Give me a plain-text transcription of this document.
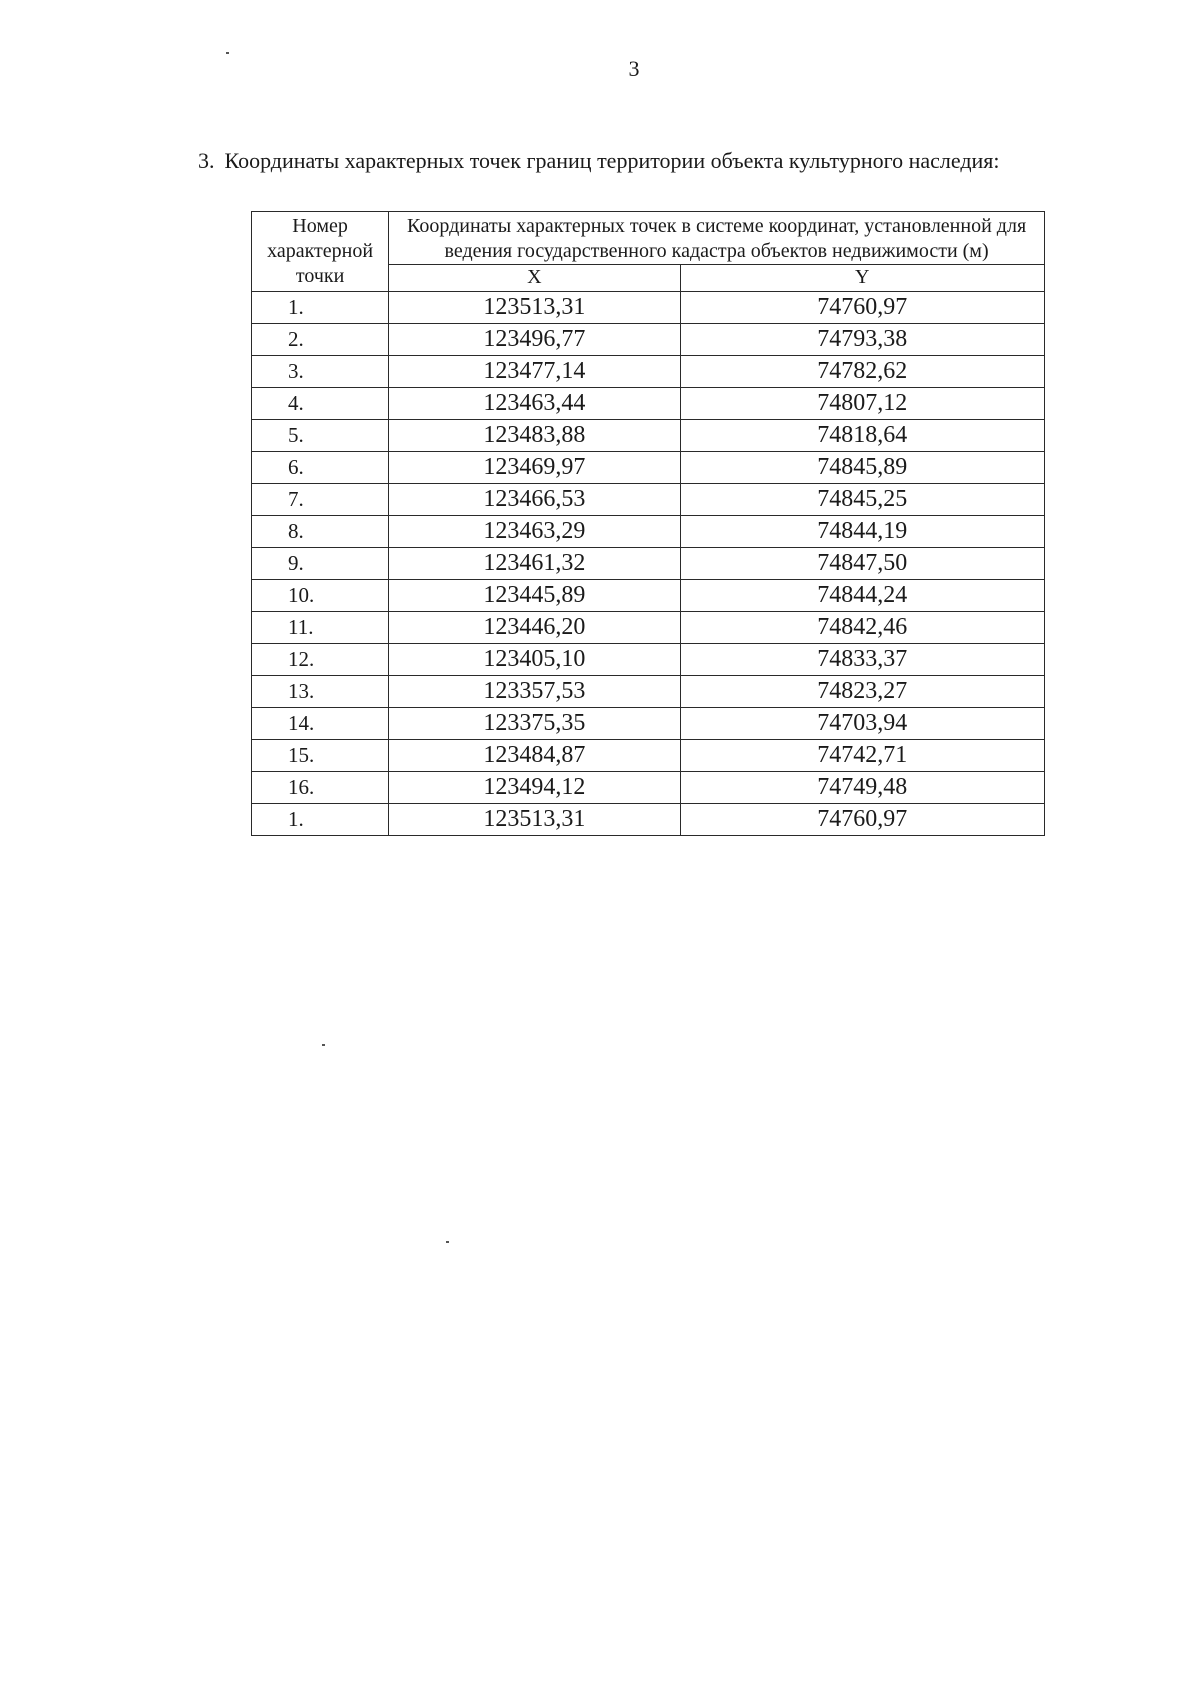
3
3. Координаты характерных точек границ территории объекта культурного наследия:
Номер характерной точки	Координаты характерных точек в системе координат, установленной для ведения государственного кадастра объектов недвижимости (м)	
	X	Y
1.	123513,31	74760,97
2.	123496,77	74793,38
3.	123477,14	74782,62
4.	123463,44	74807,12
5.	123483,88	74818,64
6.	123469,97	74845,89
7.	123466,53	74845,25
8.	123463,29	74844,19
9.	123461,32	74847,50
10.	123445,89	74844,24
11.	123446,20	74842,46
12.	123405,10	74833,37
13.	123357,53	74823,27
14.	123375,35	74703,94
15.	123484,87	74742,71
16.	123494,12	74749,48
1.	123513,31	74760,97
